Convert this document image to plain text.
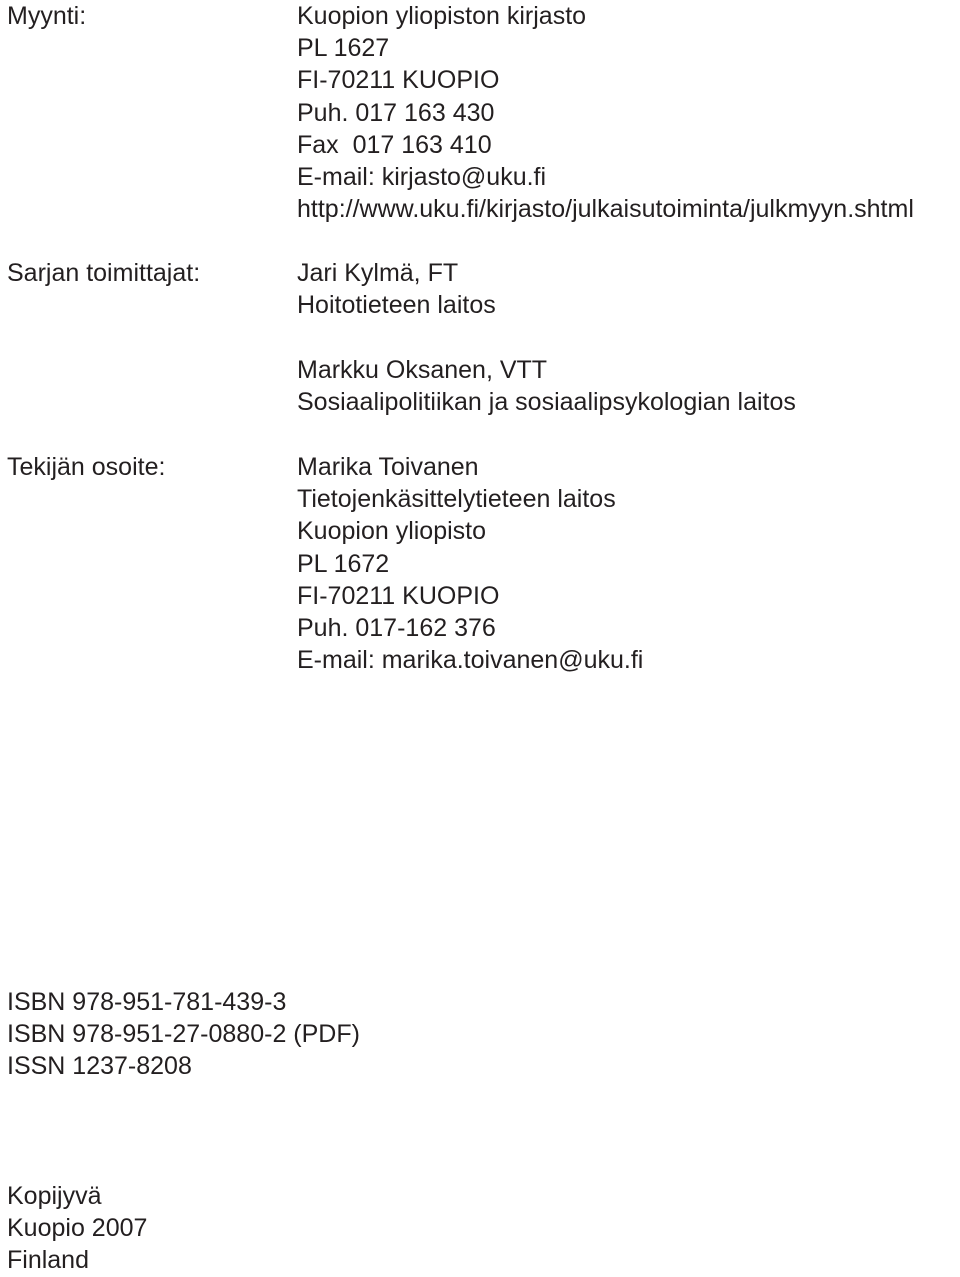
Myynti:	Kuopion yliopiston kirjasto
PL 1627
FI-70211 KUOPIO
Puh. 017 163 430
Fax  017 163 410
E-mail: kirjasto@uku.fi
http://www.uku.fi/kirjasto/julkaisutoiminta/julkmyyn.shtml
Sarjan toimittajat:	Jari Kylmä, FT
Hoitotieteen laitos
Markku Oksanen, VTT
Sosiaalipolitiikan ja sosiaalipsykologian laitos
Tekijän osoite:	Marika Toivanen
Tietojenkäsittelytieteen laitos
Kuopion yliopisto
PL 1672
FI-70211 KUOPIO
Puh. 017-162 376
E-mail: marika.toivanen@uku.fi
ISBN 978-951-781-439-3
ISBN 978-951-27-0880-2 (PDF)
ISSN 1237-8208
Kopijyvä
Kuopio 2007
Finland
